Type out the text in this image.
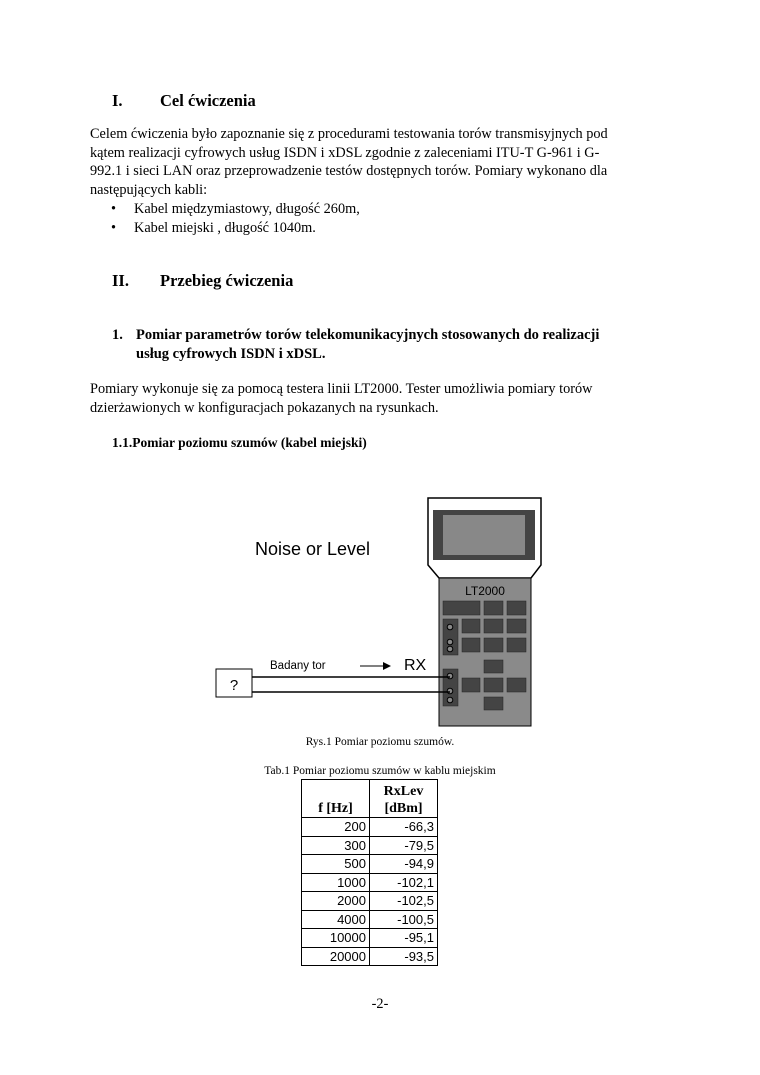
I. Cel ćwiczenia
Celem ćwiczenia było zapoznanie się z procedurami testowania torów transmisyjnych pod
kątem realizacji cyfrowych usług ISDN i xDSL zgodnie z zaleceniami ITU-T G-961 i G-
992.1 i sieci LAN oraz przeprowadzenie testów dostępnych torów. Pomiary wykonano dla
następujących kabli:
• Kabel międzymiastowy, długość 260m,
• Kabel miejski , długość 1040m.
II. Przebieg ćwiczenia
1. Pomiar parametrów torów telekomunikacyjnych stosowanych do realizacji
usług cyfrowych ISDN i xDSL.
Pomiary wykonuje się za pomocą testera linii LT2000. Tester umożliwia pomiary torów
dzierżawionych w konfiguracjach pokazanych na rysunkach.
1.1.Pomiar poziomu szumów (kabel miejski)
Noise or Level
LT2000
?
Badany tor	RX
Rys.1 Pomiar poziomu szumów.
Tab.1 Pomiar poziomu szumów w kablu miejskim
f [Hz]	RxLev
[dBm]

200	-66,3
300	-79,5
500	-94,9
1000	-102,1
2000	-102,5
4000	-100,5
10000	-95,1
20000	-93,5
-2-
